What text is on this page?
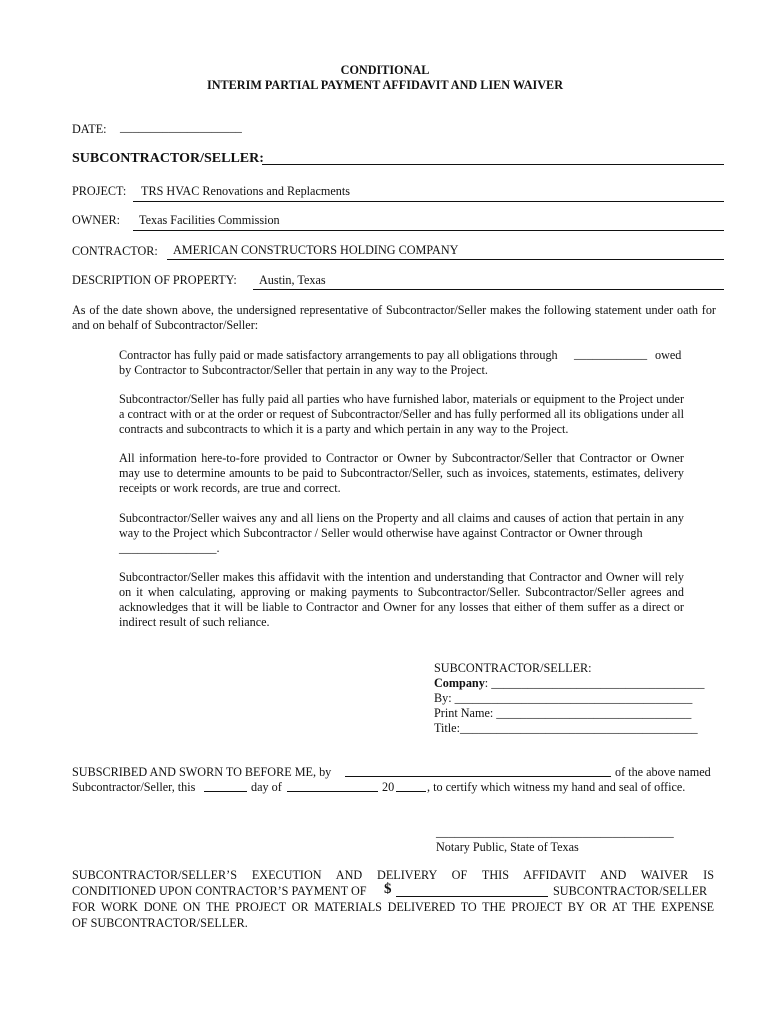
CONDITIONAL
INTERIM PARTIAL PAYMENT AFFIDAVIT AND LIEN WAIVER
DATE: ____________________
SUBCONTRACTOR/SELLER:
PROJECT: TRS HVAC Renovations and Replacments
OWNER: Texas Facilities Commission
CONTRACTOR: AMERICAN CONSTRUCTORS HOLDING COMPANY
DESCRIPTION OF PROPERTY: Austin, Texas
As of the date shown above, the undersigned representative of Subcontractor/Seller makes the following statement under oath for and on behalf of Subcontractor/Seller:
Contractor has fully paid or made satisfactory arrangements to pay all obligations through ____________ owed
by Contractor to Subcontractor/Seller that pertain in any way to the Project.
Subcontractor/Seller has fully paid all parties who have furnished labor, materials or equipment to the Project under a contract with or at the order or request of Subcontractor/Seller and has fully performed all its obligations under all contracts and subcontracts to which it is a party and which pertain in any way to the Project.
All information here-to-fore provided to Contractor or Owner by Subcontractor/Seller that Contractor or Owner may use to determine amounts to be paid to Subcontractor/Seller, such as invoices, statements, estimates, delivery receipts or work records, are true and correct.
Subcontractor/Seller waives any and all liens on the Property and all claims and causes of action that pertain in any way to the Project which Subcontractor / Seller would otherwise have against Contractor or Owner through
________________.
Subcontractor/Seller makes this affidavit with the intention and understanding that Contractor and Owner will rely on it when calculating, approving or making payments to Subcontractor/Seller. Subcontractor/Seller agrees and acknowledges that it will be liable to Contractor and Owner for any losses that either of them suffer as a direct or indirect result of such reliance.
SUBCONTRACTOR/SELLER:
Company: ___________________________________
By: _______________________________________
Print Name: ________________________________
Title:_______________________________________
SUBSCRIBED AND SWORN TO BEFORE ME, by	of the above named
Subcontractor/Seller, this	day of	20	, to certify which witness my hand and seal of office.
_______________________________________
Notary Public, State of Texas
SUBCONTRACTOR/SELLER’S EXECUTION AND DELIVERY OF THIS AFFIDAVIT AND WAIVER IS
CONDITIONED UPON CONTRACTOR’S PAYMENT OF $	SUBCONTRACTOR/SELLER
FOR WORK DONE ON THE PROJECT OR MATERIALS DELIVERED TO THE PROJECT BY OR AT THE EXPENSE
OF SUBCONTRACTOR/SELLER.
